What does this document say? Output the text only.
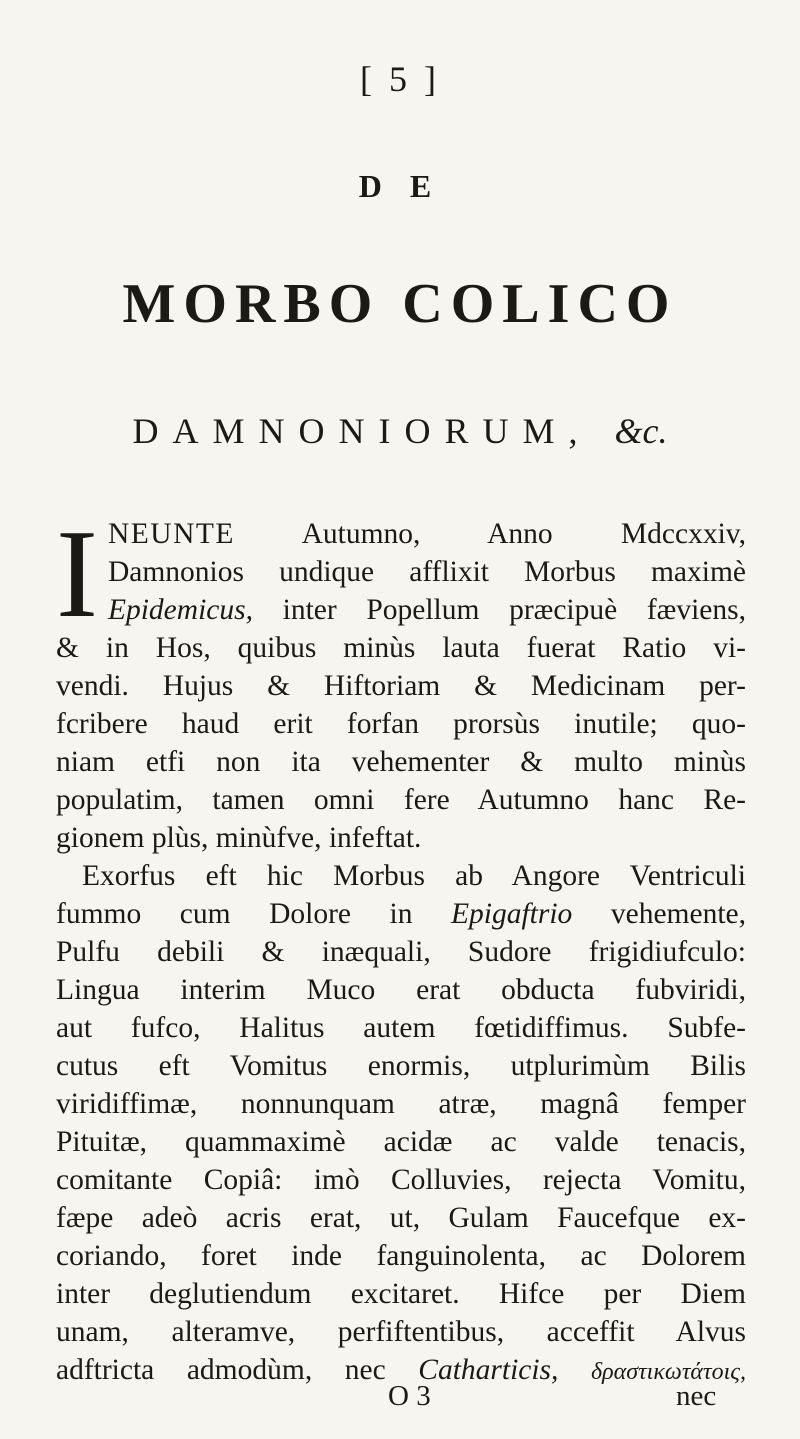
[ 5 ]
D E
MORBO COLICO
DAMNONIORUM, &c.
I NEUNTE Autumno, Anno Mdccxxiv,
Damnonios undique afflixit Morbus maximè
Epidemicus, inter Popellum præcipuè fæviens,
& in Hos, quibus minùs lauta fuerat Ratio vi-
vendi. Hujus & Hiftoriam & Medicinam per-
fcribere haud erit forfan prorsùs inutile; quo-
niam etfi non ita vehementer & multo minùs
populatim, tamen omni fere Autumno hanc Re-
gionem plùs, minùfve, infeftat.
Exorfus eft hic Morbus ab Angore Ventriculi
fummo cum Dolore in Epigaftrio vehemente,
Pulfu debili & inæquali, Sudore frigidiufculo:
Lingua interim Muco erat obducta fubviridi,
aut fufco, Halitus autem fœtidiffimus. Subfe-
cutus eft Vomitus enormis, utplurimùm Bilis
viridiffimæ, nonnunquam atræ, magnâ femper
Pituitæ, quammaximè acidæ ac valde tenacis,
comitante Copiâ: imò Colluvies, rejecta Vomitu,
fæpe adeò acris erat, ut, Gulam Faucefque ex-
coriando, foret inde fanguinolenta, ac Dolorem
inter deglutiendum excitaret. Hifce per Diem
unam, alteramve, perfiftentibus, acceffit Alvus
adftricta admodùm, nec Catharticis, δραστικωτάτοις,
O 3	nec
